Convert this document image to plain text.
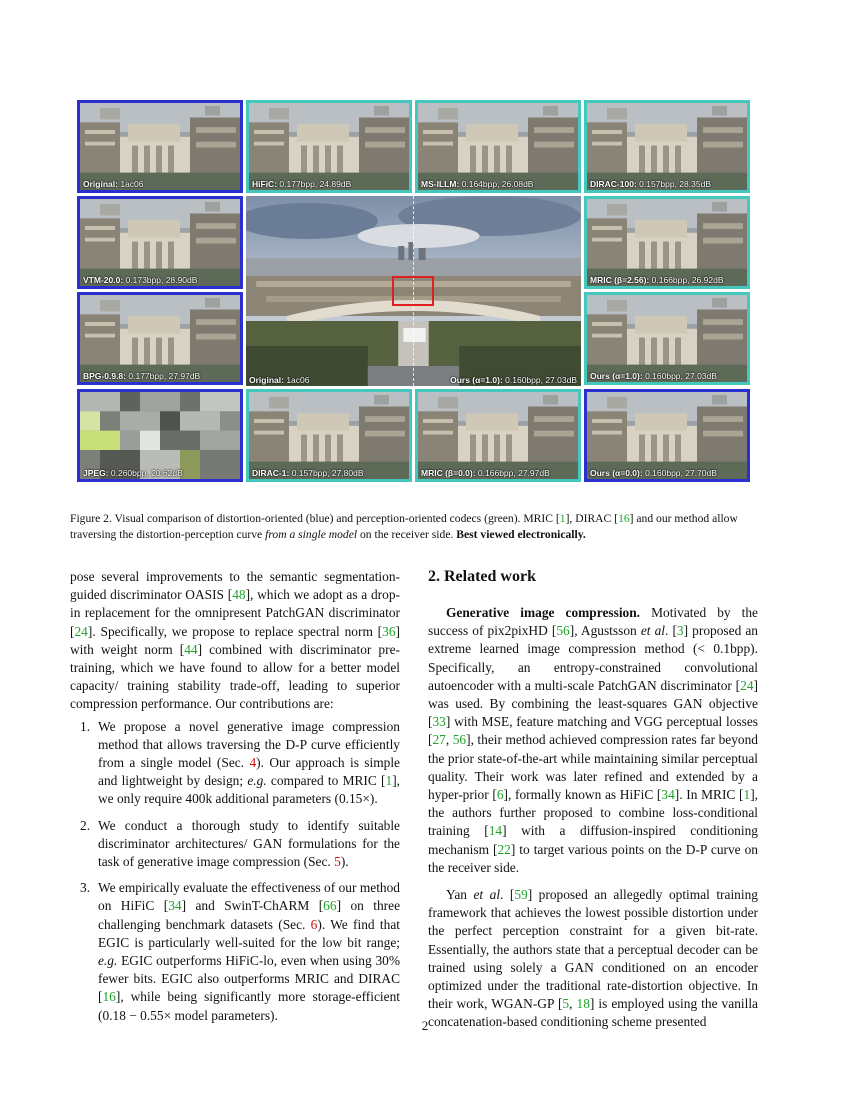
Original: 1ac06	HiFiC: 0.177bpp, 24.89dB	MS-ILLM: 0.164bpp, 26.08dB	DIRAC-100: 0.157bpp, 28.35dB
VTM-20.0: 0.173bpp, 28.90dB
Original: 1ac06	Ours (α=1.0): 0.160bpp, 27.03dB
MRIC (β=2.56): 0.166bpp, 26.92dB
BPG-0.9.8: 0.177bpp, 27.97dB	Ours (α=1.0): 0.160bpp, 27.03dB
JPEG: 0.260bpp, 20.62dB	DIRAC-1: 0.157bpp, 27.80dB	MRIC (β=0.0): 0.166bpp, 27.97dB	Ours (α=0.0): 0.160bpp, 27.70dB
Figure 2. Visual comparison of distortion-oriented (blue) and perception-oriented codecs (green). MRIC [1], DIRAC [16] and our method allow traversing the distortion-perception curve from a single model on the receiver side. Best viewed electronically.

pose several improvements to the semantic segmentation-guided discriminator OASIS [48], which we adopt as a drop-in replacement for the omnipresent PatchGAN discriminator [24]. Specifically, we propose to replace spectral norm [36] with weight norm [44] combined with discriminator pre-training, which we have found to allow for a better model capacity/ training stability trade-off, leading to superior compression performance. Our contributions are:

1. We propose a novel generative image compression method that allows traversing the D-P curve efficiently from a single model (Sec. 4). Our approach is simple and lightweight by design; e.g. compared to MRIC [1], we only require 400k additional parameters (0.15×).
2. We conduct a thorough study to identify suitable discriminator architectures/ GAN formulations for the task of generative image compression (Sec. 5).
3. We empirically evaluate the effectiveness of our method on HiFiC [34] and SwinT-ChARM [66] on three challenging benchmark datasets (Sec. 6). We find that EGIC is particularly well-suited for the low bit range; e.g. EGIC outperforms HiFiC-lo, even when using 30% fewer bits. EGIC also outperforms MRIC and DIRAC [16], while being significantly more storage-efficient (0.18 − 0.55× model parameters).
2. Related work

Generative image compression. Motivated by the success of pix2pixHD [56], Agustsson et al. [3] proposed an extreme learned image compression method (< 0.1bpp). Specifically, an entropy-constrained convolutional autoencoder with a multi-scale PatchGAN discriminator [24] was used. By combining the least-squares GAN objective [33] with MSE, feature matching and VGG perceptual losses [27, 56], their method achieved compression rates far beyond the prior state-of-the-art while maintaining similar perceptual quality. Their work was later refined and extended by a hyper-prior [6], formally known as HiFiC [34]. In MRIC [1], the authors further proposed to combine loss-conditional training [14] with a diffusion-inspired conditioning mechanism [22] to target various points on the D-P curve on the receiver side.

Yan et al. [59] proposed an allegedly optimal training framework that achieves the lowest possible distortion under the perfect perception constraint for a given bit-rate. Essentially, the authors state that a perceptual decoder can be trained using solely a GAN conditioned on an encoder optimized under the traditional rate-distortion objective. In their work, WGAN-GP [5, 18] is employed using the vanilla concatenation-based conditioning scheme presented

2
